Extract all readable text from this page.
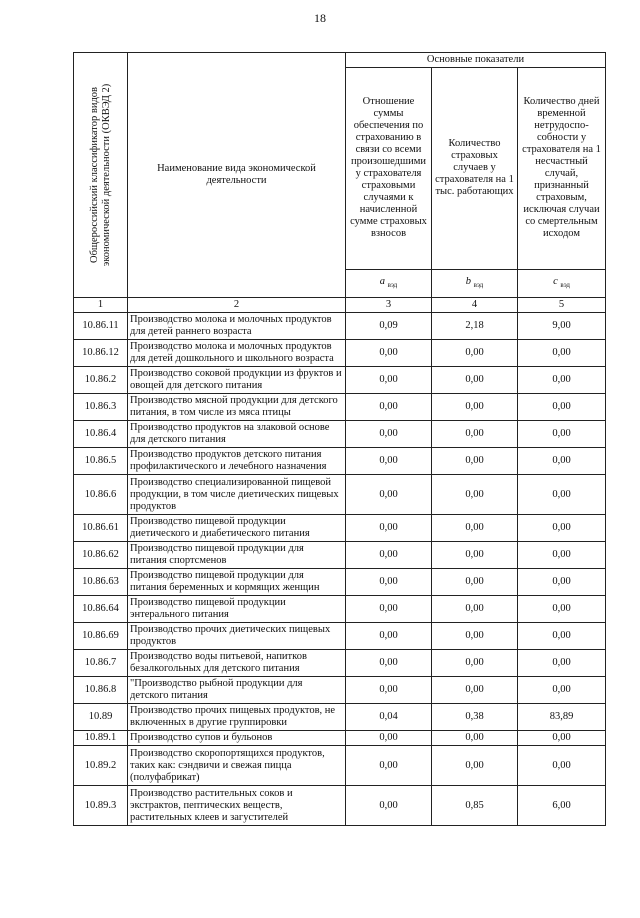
18
Общероссийский классификатор видов экономической деятельности (ОКВЭД 2)	Наименование вида экономической деятельности	Основные показатели		
		Отношение суммы обеспечения по страхованию в связи со всеми произошедшими у страхователя страховыми случаями к начисленной сумме страховых взносов	Количество страховых случаев у страхователя на 1 тыс. работающих	Количество дней временной нетрудоспо-собности у страхователя на 1 несчастный случай, признанный страховым, исключая случаи со смертельным исходом
		a $_{вэд}$	b $_{вэд}$	c $_{вэд}$
1	2	3	4	5
10.86.11	Производство молока и молочных продуктов для детей раннего возраста	0,09	2,18	9,00
10.86.12	Производство молока и молочных продуктов для детей дошкольного и школьного возраста	0,00	0,00	0,00
10.86.2	Производство соковой продукции из фруктов и овощей для детского питания	0,00	0,00	0,00
10.86.3	Производство мясной продукции для детского питания, в том числе из мяса птицы	0,00	0,00	0,00
10.86.4	Производство продуктов на злаковой основе для детского питания	0,00	0,00	0,00
10.86.5	Производство продуктов детского питания профилактического и лечебного назначения	0,00	0,00	0,00
10.86.6	Производство специализированной пищевой продукции, в том числе диетических пищевых продуктов	0,00	0,00	0,00
10.86.61	Производство пищевой продукции диетического и диабетического питания	0,00	0,00	0,00
10.86.62	Производство пищевой продукции для питания спортсменов	0,00	0,00	0,00
10.86.63	Производство пищевой продукции для питания беременных и кормящих женщин	0,00	0,00	0,00
10.86.64	Производство пищевой продукции энтерального питания	0,00	0,00	0,00
10.86.69	Производство прочих диетических пищевых продуктов	0,00	0,00	0,00
10.86.7	Производство воды питьевой, напитков безалкогольных для детского питания	0,00	0,00	0,00
10.86.8	"Производство рыбной продукции для детского питания	0,00	0,00	0,00
10.89	Производство прочих пищевых продуктов, не включенных в другие группировки	0,04	0,38	83,89
10.89.1	Производство супов и бульонов	0,00	0,00	0,00
10.89.2	Производство скоропортящихся продуктов, таких как: сэндвичи и свежая пицца (полуфабрикат)	0,00	0,00	0,00
10.89.3	Производство растительных соков и экстрактов, пептических веществ, растительных клеев и загустителей	0,00	0,85	6,00
